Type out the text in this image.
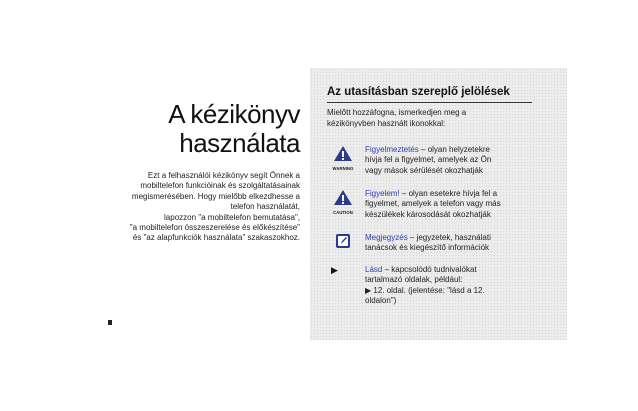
A kézikönyv
használata
Ezt a felhasználói kézikönyv segít Önnek a
mobiltelefon funkcióinak és szolgáltatásainak
megismerésében. Hogy mielőbb elkezdhesse a
telefon használatát,
lapozzon "a mobiltelefon bemutatása",
"a mobiltelefon összeszerelése és előkészítése"
és "az alapfunkciók használata" szakaszokhoz.
Az utasításban szereplő jelölések
Mielőtt hozzáfogna, ismerkedjen meg a
kézikönyvben használt ikonokkal:
WARNING
Figyelmeztetés – olyan helyzetekre
hívja fel a figyelmet, amelyek az Ön
vagy mások sérülését okozhatják
CAUTION
Figyelem! – olyan esetekre hívja fel a
figyelmet, amelyek a telefon vagy más
készülékek károsodását okozhatják
Megjegyzés – jegyzetek, használati
tanácsok és kiegészítő információk
▶	Lásd – kapcsolódó tudnivalókat
tartalmazó oldalak, például:
▶ 12. oldal. (jelentése: "lásd a 12.
oldalon")
